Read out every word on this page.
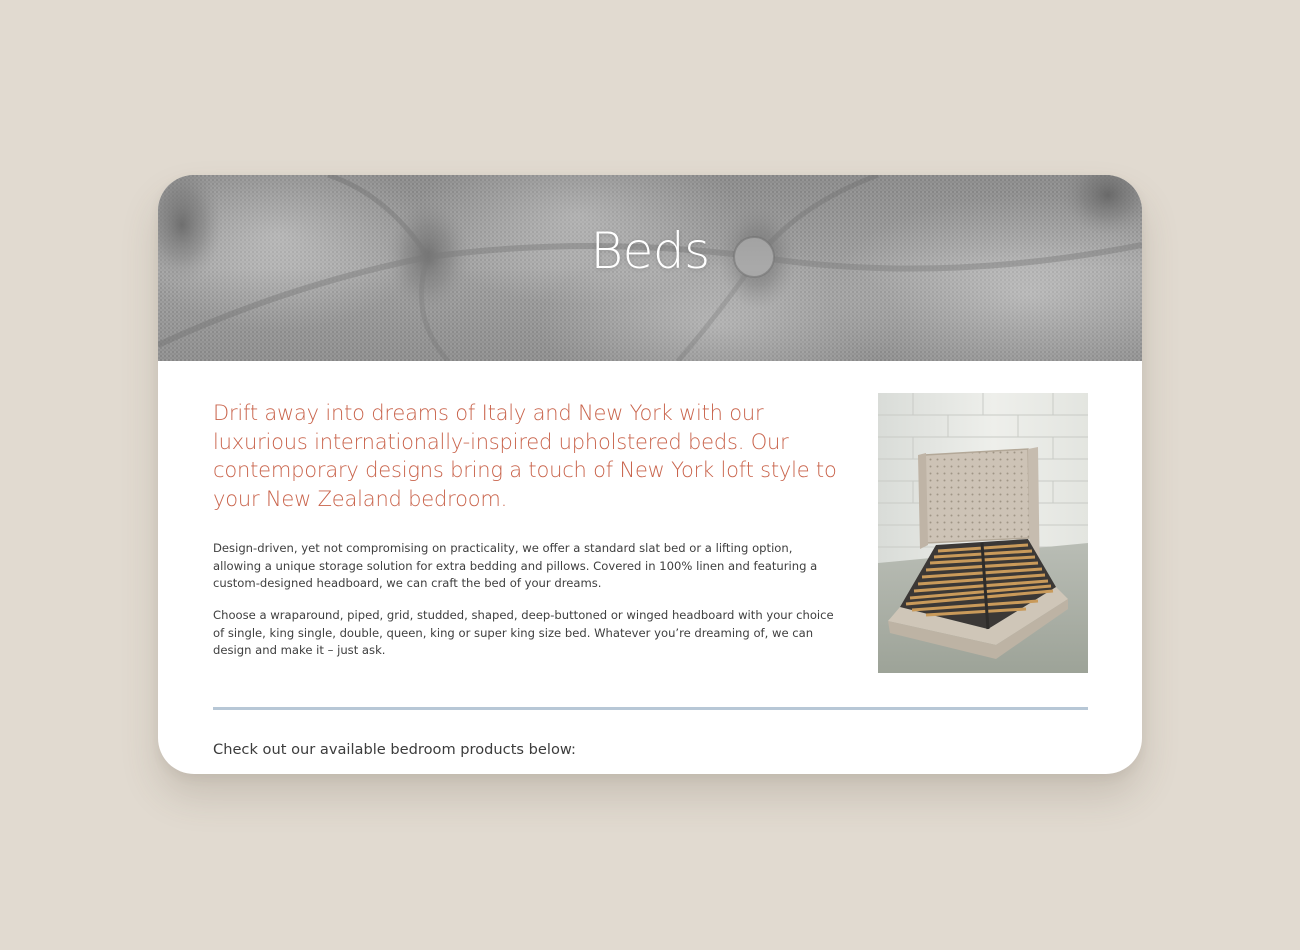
Beds

Drift away into dreams of Italy and New York with our luxurious internationally-inspired upholstered beds. Our contemporary designs bring a touch of New York loft style to your New Zealand bedroom.

Design-driven, yet not compromising on practicality, we offer a standard slat bed or a lifting option, allowing a unique storage solution for extra bedding and pillows. Covered in 100% linen and featuring a custom-designed headboard, we can craft the bed of your dreams.

Choose a wraparound, piped, grid, studded, shaped, deep-buttoned or winged headboard with your choice of single, king single, double, queen, king or super king size bed. Whatever you’re dreaming of, we can design and make it – just ask.

Check out our available bedroom products below:
